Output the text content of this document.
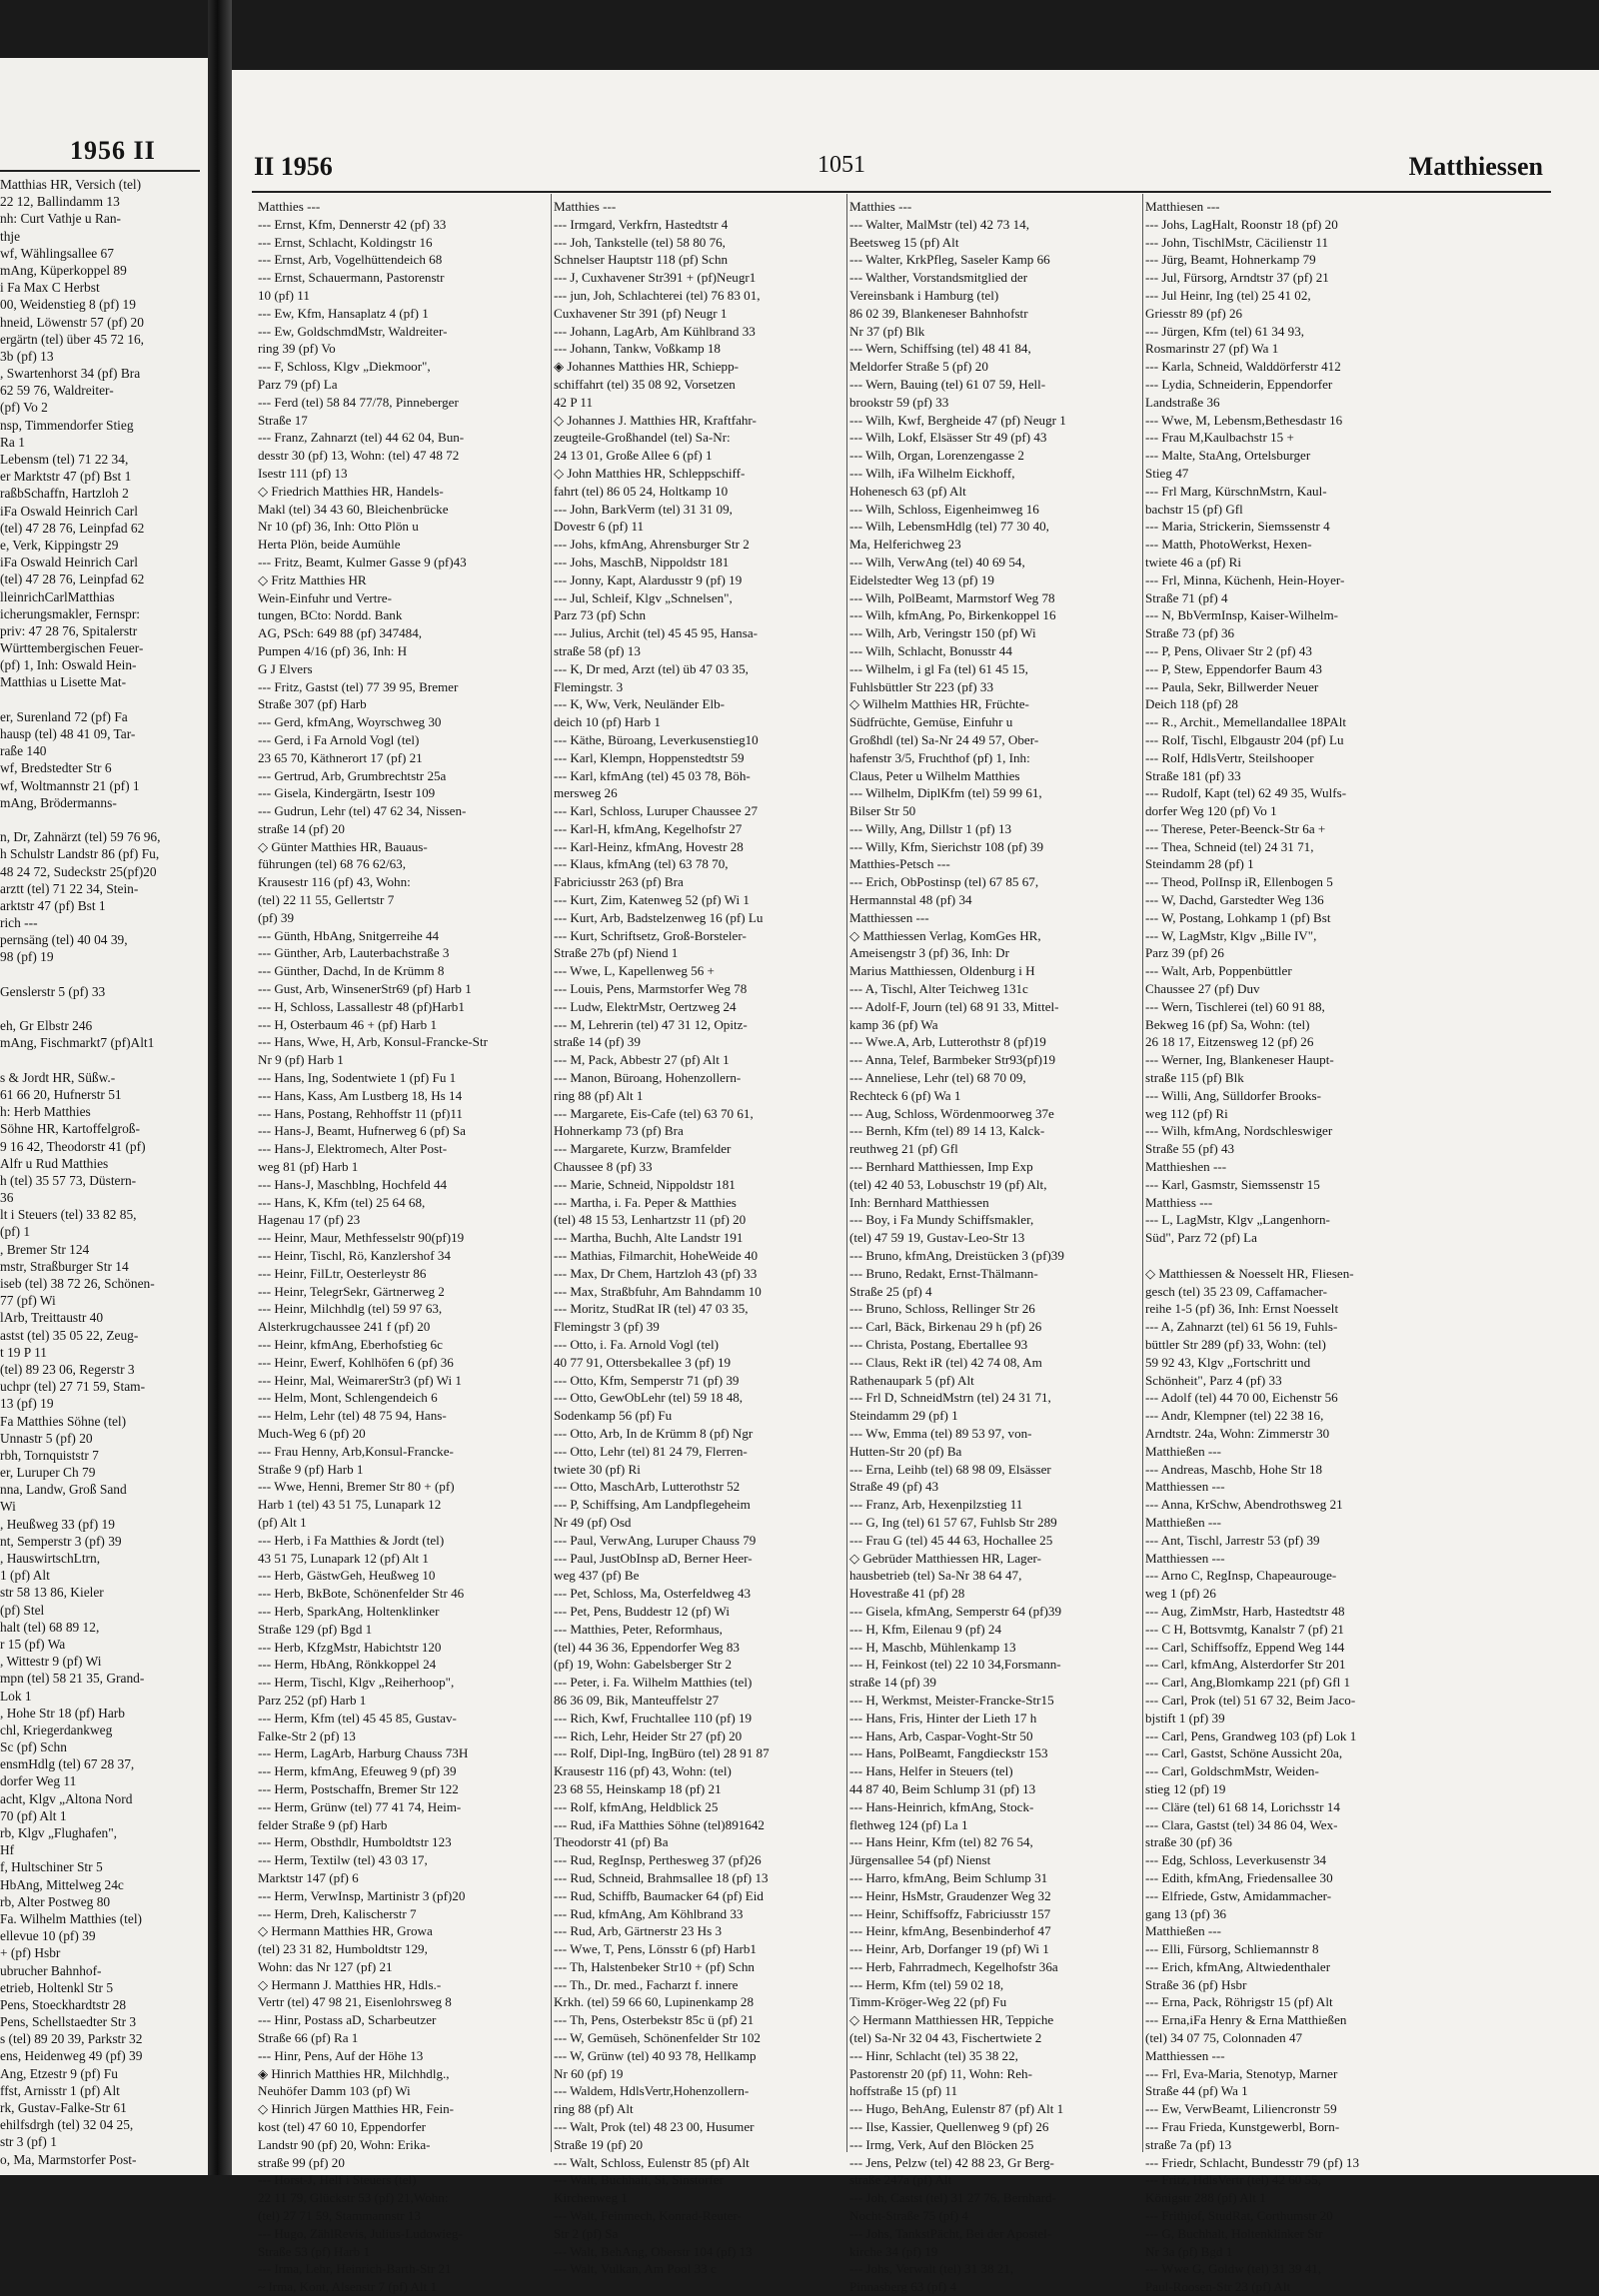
1956 II
Matthias HR, Versich (tel)
22 12, Ballindamm 13
nh: Curt Vathje u Ran-
thje
wf, Wählingsallee 67
mAng, Küperkoppel 89
i Fa Max C Herbst
00, Weidenstieg 8 (pf) 19
hneid, Löwenstr 57 (pf) 20
ergärtn (tel) über 45 72 16,
3b (pf) 13
, Swartenhorst 34 (pf) Bra
62 59 76, Waldreiter-
(pf) Vo 2
nsp, Timmendorfer Stieg
Ra 1
Lebensm (tel) 71 22 34,
er Marktstr 47 (pf) Bst 1
raßbSchaffn, Hartzloh 2
iFa Oswald Heinrich Carl
(tel) 47 28 76, Leinpfad 62
e, Verk, Kippingstr 29
iFa Oswald Heinrich Carl
(tel) 47 28 76, Leinpfad 62
lleinrichCarlMatthias
icherungsmakler, Fernspr:
priv: 47 28 76, Spitalerstr
Württembergischen Feuer-
(pf) 1, Inh: Oswald Hein-
Matthias u Lisette Mat-
er, Surenland 72 (pf) Fa
hausp (tel) 48 41 09, Tar-
raße 140
wf, Bredstedter Str 6
wf, Woltmannstr 21 (pf) 1
mAng, Brödermanns-
n, Dr, Zahnärzt (tel) 59 76 96,
h Schulstr Landstr 86 (pf) Fu,
48 24 72, Sudeckstr 25(pf)20
arztt (tel) 71 22 34, Stein-
arktstr 47 (pf) Bst 1
rich ---
pernsäng (tel) 40 04 39,
98 (pf) 19
Genslerstr 5 (pf) 33
eh, Gr Elbstr 246
mAng, Fischmarkt7 (pf)Alt1
s & Jordt HR, Süßw.-
61 66 20, Hufnerstr 51
h: Herb Matthies
Söhne HR, Kartoffelgroß-
9 16 42, Theodorstr 41 (pf)
Alfr u Rud Matthies
h (tel) 35 57 73, Düstern-
36
lt i Steuers (tel) 33 82 85,
(pf) 1
, Bremer Str 124
mstr, Straßburger Str 14
iseb (tel) 38 72 26, Schönen-
77 (pf) Wi
lArb, Treittaustr 40
astst (tel) 35 05 22, Zeug-
t 19 P 11
(tel) 89 23 06, Regerstr 3
uchpr (tel) 27 71 59, Stam-
13 (pf) 19
Fa Matthies Söhne (tel)
Unnastr 5 (pf) 20
rbh, Tornquiststr 7
er, Luruper Ch 79
nna, Landw, Groß Sand
Wi
, Heußweg 33 (pf) 19
nt, Semperstr 3 (pf) 39
, HauswirtschLtrn,
1 (pf) Alt
str 58 13 86, Kieler
(pf) Stel
halt (tel) 68 89 12,
r 15 (pf) Wa
, Wittestr 9 (pf) Wi
mpn (tel) 58 21 35, Grand-
Lok 1
, Hohe Str 18 (pf) Harb
chl, Kriegerdankweg
Sc (pf) Schn
ensmHdlg (tel) 67 28 37,
dorfer Weg 11
acht, Klgv „Altona Nord
70 (pf) Alt 1
rb, Klgv „Flughafen",
Hf
f, Hultschiner Str 5
HbAng, Mittelweg 24c
rb, Alter Postweg 80
Fa. Wilhelm Matthies (tel)
ellevue 10 (pf) 39
+ (pf) Hsbr
ubrucher Bahnhof-
etrieb, Holtenkl Str 5
Pens, Stoeckhardtstr 28
Pens, Schellstaedter Str 3
s (tel) 89 20 39, Parkstr 32
ens, Heidenweg 49 (pf) 39
Ang, Etzestr 9 (pf) Fu
ffst, Arnisstr 1 (pf) Alt
rk, Gustav-Falke-Str 61
ehilfsdrgh (tel) 32 04 25,
str 3 (pf) 1
o, Ma, Marmstorfer Post-
II 1956	1051	Matthiessen
Matthies ---
--- Ernst, Kfm, Dennerstr 42 (pf) 33
--- Ernst, Schlacht, Koldingstr 16
--- Ernst, Arb, Vogelhüttendeich 68
--- Ernst, Schauermann, Pastorenstr
10 (pf) 11
--- Ew, Kfm, Hansaplatz 4 (pf) 1
--- Ew, GoldschmdMstr, Waldreiter-
ring 39 (pf) Vo
--- F, Schloss, Klgv „Diekmoor",
Parz 79 (pf) La
--- Ferd (tel) 58 84 77/78, Pinneberger
Straße 17
--- Franz, Zahnarzt (tel) 44 62 04, Bun-
desstr 30 (pf) 13, Wohn: (tel) 47 48 72
Isestr 111 (pf) 13
◇ Friedrich Matthies HR, Handels-
Makl (tel) 34 43 60, Bleichenbrücke
Nr 10 (pf) 36, Inh: Otto Plön u
Herta Plön, beide Aumühle
--- Fritz, Beamt, Kulmer Gasse 9 (pf)43
◇ Fritz Matthies HR
Wein-Einfuhr und Vertre-
tungen, BCto: Nordd. Bank
AG, PSch: 649 88 (pf) 347484,
Pumpen 4/16 (pf) 36, Inh: H
G J Elvers
--- Fritz, Gastst (tel) 77 39 95, Bremer
Straße 307 (pf) Harb
--- Gerd, kfmAng, Woyrschweg 30
--- Gerd, i Fa Arnold Vogl (tel)
23 65 70, Käthnerort 17 (pf) 21
--- Gertrud, Arb, Grumbrechtstr 25a
--- Gisela, Kindergärtn, Isestr 109
--- Gudrun, Lehr (tel) 47 62 34, Nissen-
straße 14 (pf) 20
◇ Günter Matthies HR, Bauaus-
führungen (tel) 68 76 62/63,
Krausestr 116 (pf) 43, Wohn:
(tel) 22 11 55, Gellertstr 7
(pf) 39
--- Günth, HbAng, Snitgerreihe 44
--- Günther, Arb, Lauterbachstraße 3
--- Günther, Dachd, In de Krümm 8
--- Gust, Arb, WinsenerStr69 (pf) Harb 1
--- H, Schloss, Lassallestr 48 (pf)Harb1
--- H, Osterbaum 46 + (pf) Harb 1
--- Hans, Wwe, H, Arb, Konsul-Francke-Str
Nr 9 (pf) Harb 1
--- Hans, Ing, Sodentwiete 1 (pf) Fu 1
--- Hans, Kass, Am Lustberg 18, Hs 14
--- Hans, Postang, Rehhoffstr 11 (pf)11
--- Hans-J, Beamt, Hufnerweg 6 (pf) Sa
--- Hans-J, Elektromech, Alter Post-
weg 81 (pf) Harb 1
--- Hans-J, Maschblng, Hochfeld 44
--- Hans, K, Kfm (tel) 25 64 68,
Hagenau 17 (pf) 23
--- Heinr, Maur, Methfesselstr 90(pf)19
--- Heinr, Tischl, Rö, Kanzlershof 34
--- Heinr, FilLtr, Oesterleystr 86
--- Heinr, TelegrSekr, Gärtnerweg 2
--- Heinr, Milchhdlg (tel) 59 97 63,
Alsterkrugchaussee 241 f (pf) 20
--- Heinr, kfmAng, Eberhofstieg 6c
--- Heinr, Ewerf, Kohlhöfen 6 (pf) 36
--- Heinr, Mal, WeimarerStr3 (pf) Wi 1
--- Helm, Mont, Schlengendeich 6
--- Helm, Lehr (tel) 48 75 94, Hans-
Much-Weg 6 (pf) 20
--- Frau Henny, Arb,Konsul-Francke-
Straße 9 (pf) Harb 1
--- Wwe, Henni, Bremer Str 80 + (pf)
Harb 1 (tel) 43 51 75, Lunapark 12
(pf) Alt 1
--- Herb, i Fa Matthies & Jordt (tel)
43 51 75, Lunapark 12 (pf) Alt 1
--- Herb, GästwGeh, Heußweg 10
--- Herb, BkBote, Schönenfelder Str 46
--- Herb, SparkAng, Holtenklinker
Straße 129 (pf) Bgd 1
--- Herb, KfzgMstr, Habichtstr 120
--- Herm, HbAng, Rönkkoppel 24
--- Herm, Tischl, Klgv „Reiherhoop",
Parz 252 (pf) Harb 1
--- Herm, Kfm (tel) 45 45 85, Gustav-
Falke-Str 2 (pf) 13
--- Herm, LagArb, Harburg Chauss 73H
--- Herm, kfmAng, Efeuweg 9 (pf) 39
--- Herm, Postschaffn, Bremer Str 122
--- Herm, Grünw (tel) 77 41 74, Heim-
felder Straße 9 (pf) Harb
--- Herm, Obsthdlr, Humboldtstr 123
--- Herm, Textilw (tel) 43 03 17,
Marktstr 147 (pf) 6
--- Herm, VerwInsp, Martinistr 3 (pf)20
--- Herm, Dreh, Kalischerstr 7
◇ Hermann Matthies HR, Growa
(tel) 23 31 82, Humboldtstr 129,
Wohn: das Nr 127 (pf) 21
◇ Hermann J. Matthies HR, Hdls.-
Vertr (tel) 47 98 21, Eisenlohrsweg 8
--- Hinr, Postass aD, Scharbeutzer
Straße 66 (pf) Ra 1
--- Hinr, Pens, Auf der Höhe 13
◈ Hinrich Matthies HR, Milchhdlg.,
Neuhöfer Damm 103 (pf) Wi
◇ Hinrich Jürgen Matthies HR, Fein-
kost (tel) 47 60 10, Eppendorfer
Landstr 90 (pf) 20, Wohn: Erika-
straße 99 (pf) 20
--- Horst-J, Helf i Steuers (tel)
22 11 79, Glückstr 53 (pf) 21,Wohn:
(tel) 27 71 59, Stammannstr 13
--- Hugo, ZählRevis, Julius-Ludowieg-
Straße 53 (pf) Harb 1
--- Irma, Lehr, Heinrich-Barth-Str 21
~ Irma, Kont, Alsenstr 7 (pf) Alt 1
Matthies ---
--- Irmgard, Verkfrn, Hastedtstr 4
--- Joh, Tankstelle (tel) 58 80 76,
Schnelser Hauptstr 118 (pf) Schn
--- J, Cuxhavener Str391 + (pf)Neugr1
--- jun, Joh, Schlachterei (tel) 76 83 01,
Cuxhavener Str 391 (pf) Neugr 1
--- Johann, LagArb, Am Kühlbrand 33
--- Johann, Tankw, Voßkamp 18
◈ Johannes Matthies HR, Schiepp-
schiffahrt (tel) 35 08 92, Vorsetzen
42 P 11
◇ Johannes J. Matthies HR, Kraftfahr-
zeugteile-Großhandel (tel) Sa-Nr:
24 13 01, Große Allee 6 (pf) 1
◇ John Matthies HR, Schleppschiff-
fahrt (tel) 86 05 24, Holtkamp 10
--- John, BarkVerm (tel) 31 31 09,
Dovestr 6 (pf) 11
--- Johs, kfmAng, Ahrensburger Str 2
--- Johs, MaschB, Nippoldstr 181
--- Jonny, Kapt, Alardusstr 9 (pf) 19
--- Jul, Schleif, Klgv „Schnelsen",
Parz 73 (pf) Schn
--- Julius, Archit (tel) 45 45 95, Hansa-
straße 58 (pf) 13
--- K, Dr med, Arzt (tel) üb 47 03 35,
Flemingstr. 3
--- K, Ww, Verk, Neuländer Elb-
deich 10 (pf) Harb 1
--- Käthe, Büroang, Leverkusenstieg10
--- Karl, Klempn, Hoppenstedtstr 59
--- Karl, kfmAng (tel) 45 03 78, Böh-
mersweg 26
--- Karl, Schloss, Luruper Chaussee 27
--- Karl-H, kfmAng, Kegelhofstr 27
--- Karl-Heinz, kfmAng, Hovestr 28
--- Klaus, kfmAng (tel) 63 78 70,
Fabriciusstr 263 (pf) Bra
--- Kurt, Zim, Katenweg 52 (pf) Wi 1
--- Kurt, Arb, Badstelzenweg 16 (pf) Lu
--- Kurt, Schriftsetz, Groß-Borsteler-
Straße 27b (pf) Niend 1
--- Wwe, L, Kapellenweg 56 +
--- Louis, Pens, Marmstorfer Weg 78
--- Ludw, ElektrMstr, Oertzweg 24
--- M, Lehrerin (tel) 47 31 12, Opitz-
straße 14 (pf) 39
--- M, Pack, Abbestr 27 (pf) Alt 1
--- Manon, Büroang, Hohenzollern-
ring 88 (pf) Alt 1
--- Margarete, Eis-Cafe (tel) 63 70 61,
Hohnerkamp 73 (pf) Bra
--- Margarete, Kurzw, Bramfelder
Chaussee 8 (pf) 33
--- Marie, Schneid, Nippoldstr 181
--- Martha, i. Fa. Peper & Matthies
(tel) 48 15 53, Lenhartzstr 11 (pf) 20
--- Martha, Buchh, Alte Landstr 191
--- Mathias, Filmarchit, HoheWeide 40
--- Max, Dr Chem, Hartzloh 43 (pf) 33
--- Max, Straßbfuhr, Am Bahndamm 10
--- Moritz, StudRat IR (tel) 47 03 35,
Flemingstr 3 (pf) 39
--- Otto, i. Fa. Arnold Vogl (tel)
40 77 91, Ottersbekallee 3 (pf) 19
--- Otto, Kfm, Semperstr 71 (pf) 39
--- Otto, GewObLehr (tel) 59 18 48,
Sodenkamp 56 (pf) Fu
--- Otto, Arb, In de Krümm 8 (pf) Ngr
--- Otto, Lehr (tel) 81 24 79, Flerren-
twiete 30 (pf) Ri
--- Otto, MaschArb, Lutterothstr 52
--- P, Schiffsing, Am Landpflegeheim
Nr 49 (pf) Osd
--- Paul, VerwAng, Luruper Chauss 79
--- Paul, JustObInsp aD, Berner Heer-
weg 437 (pf) Be
--- Pet, Schloss, Ma, Osterfeldweg 43
--- Pet, Pens, Buddestr 12 (pf) Wi
--- Matthies, Peter, Reformhaus,
(tel) 44 36 36, Eppendorfer Weg 83
(pf) 19, Wohn: Gabelsberger Str 2
--- Peter, i. Fa. Wilhelm Matthies (tel)
86 36 09, Bik, Manteuffelstr 27
--- Rich, Kwf, Fruchtallee 110 (pf) 19
--- Rich, Lehr, Heider Str 27 (pf) 20
--- Rolf, Dipl-Ing, IngBüro (tel) 28 91 87
Krausestr 116 (pf) 43, Wohn: (tel)
23 68 55, Heinskamp 18 (pf) 21
--- Rolf, kfmAng, Heldblick 25
--- Rud, iFa Matthies Söhne (tel)891642
Theodorstr 41 (pf) Ba
--- Rud, RegInsp, Perthesweg 37 (pf)26
--- Rud, Schneid, Brahmsallee 18 (pf) 13
--- Rud, Schiffb, Baumacker 64 (pf) Eid
--- Rud, kfmAng, Am Köhlbrand 33
--- Rud, Arb, Gärtnerstr 23 Hs 3
--- Wwe, T, Pens, Lönsstr 6 (pf) Harb1
--- Th, Halstenbeker Str10 + (pf) Schn
--- Th., Dr. med., Facharzt f. innere
Krkh. (tel) 59 66 60, Lupinenkamp 28
--- Th, Pens, Osterbekstr 85c ü (pf) 21
--- W, Gemüseh, Schönenfelder Str 102
--- W, Grünw (tel) 40 93 78, Hellkamp
Nr 60 (pf) 19
--- Waldem, HdlsVertr,Hohenzollern-
ring 88 (pf) Alt
--- Walt, Prok (tel) 48 23 00, Husumer
Straße 19 (pf) 20
--- Walt, Schloss, Eulenstr 85 (pf) Alt
--- Walt, Buchhalt, Si, Sinstorfer
Kirchenweg 1
--- Walt, Feinmech, Konrad-Reuter-
Str 2 (pf) Sa
--- Walt, BehAng, Oberstr 104 (pf) 13
--- Walt, Vulkan, Am Pool 33 c
Matthies ---
--- Walter, MalMstr (tel) 42 73 14,
Beetsweg 15 (pf) Alt
--- Walter, KrkPfleg, Saseler Kamp 66
--- Walther, Vorstandsmitglied der
Vereinsbank i Hamburg (tel)
86 02 39, Blankeneser Bahnhofstr
Nr 37 (pf) Blk
--- Wern, Schiffsing (tel) 48 41 84,
Meldorfer Straße 5 (pf) 20
--- Wern, Bauing (tel) 61 07 59, Hell-
brookstr 59 (pf) 33
--- Wilh, Kwf, Bergheide 47 (pf) Neugr 1
--- Wilh, Lokf, Elsässer Str 49 (pf) 43
--- Wilh, Organ, Lorenzengasse 2
--- Wilh, iFa Wilhelm Eickhoff,
Hohenesch 63 (pf) Alt
--- Wilh, Schloss, Eigenheimweg 16
--- Wilh, LebensmHdlg (tel) 77 30 40,
Ma, Helferichweg 23
--- Wilh, VerwAng (tel) 40 69 54,
Eidelstedter Weg 13 (pf) 19
--- Wilh, PolBeamt, Marmstorf Weg 78
--- Wilh, kfmAng, Po, Birkenkoppel 16
--- Wilh, Arb, Veringstr 150 (pf) Wi
--- Wilh, Schlacht, Bonusstr 44
--- Wilhelm, i gl Fa (tel) 61 45 15,
Fuhlsbüttler Str 223 (pf) 33
◇ Wilhelm Matthies HR, Früchte-
Südfrüchte, Gemüse, Einfuhr u
Großhdl (tel) Sa-Nr 24 49 57, Ober-
hafenstr 3/5, Fruchthof (pf) 1, Inh:
Claus, Peter u Wilhelm Matthies
--- Wilhelm, DiplKfm (tel) 59 99 61,
Bilser Str 50
--- Willy, Ang, Dillstr 1 (pf) 13
--- Willy, Kfm, Sierichstr 108 (pf) 39
Matthies-Petsch ---
--- Erich, ObPostinsp (tel) 67 85 67,
Hermannstal 48 (pf) 34
Matthiessen ---
◇ Matthiessen Verlag, KomGes HR,
Ameisengstr 3 (pf) 36, Inh: Dr
Marius Matthiessen, Oldenburg i H
--- A, Tischl, Alter Teichweg 131c
--- Adolf-F, Journ (tel) 68 91 33, Mittel-
kamp 36 (pf) Wa
--- Wwe.A, Arb, Lutterothstr 8 (pf)19
--- Anna, Telef, Barmbeker Str93(pf)19
--- Anneliese, Lehr (tel) 68 70 09,
Rechteck 6 (pf) Wa 1
--- Aug, Schloss, Wördenmoorweg 37e
--- Bernh, Kfm (tel) 89 14 13, Kalck-
reuthweg 21 (pf) Gfl
--- Bernhard Matthiessen, Imp Exp
(tel) 42 40 53, Lobuschstr 19 (pf) Alt,
Inh: Bernhard Matthiessen
--- Boy, i Fa Mundy Schiffsmakler,
(tel) 47 59 19, Gustav-Leo-Str 13
--- Bruno, kfmAng, Dreistücken 3 (pf)39
--- Bruno, Redakt, Ernst-Thälmann-
Straße 25 (pf) 4
--- Bruno, Schloss, Rellinger Str 26
--- Carl, Bäck, Birkenau 29 h (pf) 26
--- Christa, Postang, Ebertallee 93
--- Claus, Rekt iR (tel) 42 74 08, Am
Rathenaupark 5 (pf) Alt
--- Frl D, SchneidMstrn (tel) 24 31 71,
Steindamm 29 (pf) 1
--- Ww, Emma (tel) 89 53 97, von-
Hutten-Str 20 (pf) Ba
--- Erna, Leihb (tel) 68 98 09, Elsässer
Straße 49 (pf) 43
--- Franz, Arb, Hexenpilzstieg 11
--- G, Ing (tel) 61 57 67, Fuhlsb Str 289
--- Frau G (tel) 45 44 63, Hochallee 25
◇ Gebrüder Matthiessen HR, Lager-
hausbetrieb (tel) Sa-Nr 38 64 47,
Hovestraße 41 (pf) 28
--- Gisela, kfmAng, Semperstr 64 (pf)39
--- H, Kfm, Eilenau 9 (pf) 24
--- H, Maschb, Mühlenkamp 13
--- H, Feinkost (tel) 22 10 34,Forsmann-
straße 14 (pf) 39
--- H, Werkmst, Meister-Francke-Str15
--- Hans, Fris, Hinter der Lieth 17 h
--- Hans, Arb, Caspar-Voght-Str 50
--- Hans, PolBeamt, Fangdieckstr 153
--- Hans, Helfer in Steuers (tel)
44 87 40, Beim Schlump 31 (pf) 13
--- Hans-Heinrich, kfmAng, Stock-
flethweg 124 (pf) La 1
--- Hans Heinr, Kfm (tel) 82 76 54,
Jürgensallee 54 (pf) Nienst
--- Harro, kfmAng, Beim Schlump 31
--- Heinr, HsMstr, Graudenzer Weg 32
--- Heinr, Schiffsoffz, Fabriciusstr 157
--- Heinr, kfmAng, Besenbinderhof 47
--- Heinr, Arb, Dorfanger 19 (pf) Wi 1
--- Herb, Fahrradmech, Kegelhofstr 36a
--- Herm, Kfm (tel) 59 02 18,
Timm-Kröger-Weg 22 (pf) Fu
◇ Hermann Matthiessen HR, Teppiche
(tel) Sa-Nr 32 04 43, Fischertwiete 2
--- Hinr, Schlacht (tel) 35 38 22,
Pastorenstr 20 (pf) 11, Wohn: Reh-
hoffstraße 15 (pf) 11
--- Hugo, BehAng, Eulenstr 87 (pf) Alt 1
--- Ilse, Kassier, Quellenweg 9 (pf) 26
--- Irmg, Verk, Auf den Blöcken 25
--- Jens, Pelzw (tel) 42 88 23, Gr Berg-
straße 247a (pf) Alt
--- Joh, Castst (tel) 31 27 76, Bernhard-
Nocht-Straße 75 (pf) 4
--- Johs, TankstPächt, Bei der Apostel-
kirche 34 (pf) 19
--- Johs, Verwalt (tel) 31 38 21,
Pinnasberg 63 (pf) 4
Matthiesen ---
--- Johs, LagHalt, Roonstr 18 (pf) 20
--- John, TischlMstr, Cäcilienstr 11
--- Jürg, Beamt, Hohnerkamp 79
--- Jul, Fürsorg, Arndtstr 37 (pf) 21
--- Jul Heinr, Ing (tel) 25 41 02,
Griesstr 89 (pf) 26
--- Jürgen, Kfm (tel) 61 34 93,
Rosmarinstr 27 (pf) Wa 1
--- Karla, Schneid, Walddörferstr 412
--- Lydia, Schneiderin, Eppendorfer
Landstraße 36
--- Wwe, M, Lebensm,Bethesdastr 16
--- Frau M,Kaulbachstr 15 +
--- Malte, StaAng, Ortelsburger
Stieg 47
--- Frl Marg, KürschnMstrn, Kaul-
bachstr 15 (pf) Gfl
--- Maria, Strickerin, Siemssenstr 4
--- Matth, PhotoWerkst, Hexen-
twiete 46 a (pf) Ri
--- Frl, Minna, Küchenh, Hein-Hoyer-
Straße 71 (pf) 4
--- N, BbVermInsp, Kaiser-Wilhelm-
Straße 73 (pf) 36
--- P, Pens, Olivaer Str 2 (pf) 43
--- P, Stew, Eppendorfer Baum 43
--- Paula, Sekr, Billwerder Neuer
Deich 118 (pf) 28
--- R., Archit., Memellandallee 18PAlt
--- Rolf, Tischl, Elbgaustr 204 (pf) Lu
--- Rolf, HdlsVertr, Steilshooper
Straße 181 (pf) 33
--- Rudolf, Kapt (tel) 62 49 35, Wulfs-
dorfer Weg 120 (pf) Vo 1
--- Therese, Peter-Beenck-Str 6a +
--- Thea, Schneid (tel) 24 31 71,
Steindamm 28 (pf) 1
--- Theod, PolInsp iR, Ellenbogen 5
--- W, Dachd, Garstedter Weg 136
--- W, Postang, Lohkamp 1 (pf) Bst
--- W, LagMstr, Klgv „Bille IV",
Parz 39 (pf) 26
--- Walt, Arb, Poppenbüttler
Chaussee 27 (pf) Duv
--- Wern, Tischlerei (tel) 60 91 88,
Bekweg 16 (pf) Sa, Wohn: (tel)
26 18 17, Eitzensweg 12 (pf) 26
--- Werner, Ing, Blankeneser Haupt-
straße 115 (pf) Blk
--- Willi, Ang, Sülldorfer Brooks-
weg 112 (pf) Ri
--- Wilh, kfmAng, Nordschleswiger
Straße 55 (pf) 43
Matthieshen ---
--- Karl, Gasmstr, Siemssenstr 15
Matthiess ---
--- L, LagMstr, Klgv „Langenhorn-
Süd", Parz 72 (pf) La
◇ Matthiessen & Noesselt HR, Fliesen-
gesch (tel) 35 23 09, Caffamacher-
reihe 1-5 (pf) 36, Inh: Ernst Noesselt
--- A, Zahnarzt (tel) 61 56 19, Fuhls-
büttler Str 289 (pf) 33, Wohn: (tel)
59 92 43, Klgv „Fortschritt und
Schönheit", Parz 4 (pf) 33
--- Adolf (tel) 44 70 00, Eichenstr 56
--- Andr, Klempner (tel) 22 38 16,
Arndtstr. 24a, Wohn: Zimmerstr 30
Matthießen ---
--- Andreas, Maschb, Hohe Str 18
Matthiessen ---
--- Anna, KrSchw, Abendrothsweg 21
Matthießen ---
--- Ant, Tischl, Jarrestr 53 (pf) 39
Matthiessen ---
--- Arno C, RegInsp, Chapeaurouge-
weg 1 (pf) 26
--- Aug, ZimMstr, Harb, Hastedtstr 48
--- C H, Bottsvmtg, Kanalstr 7 (pf) 21
--- Carl, Schiffsoffz, Eppend Weg 144
--- Carl, kfmAng, Alsterdorfer Str 201
--- Carl, Ang,Blomkamp 221 (pf) Gfl 1
--- Carl, Prok (tel) 51 67 32, Beim Jaco-
bjstift 1 (pf) 39
--- Carl, Pens, Grandweg 103 (pf) Lok 1
--- Carl, Gastst, Schöne Aussicht 20a,
--- Carl, GoldschmMstr, Weiden-
stieg 12 (pf) 19
--- Cläre (tel) 61 68 14, Lorichsstr 14
--- Clara, Gastst (tel) 34 86 04, Wex-
straße 30 (pf) 36
--- Edg, Schloss, Leverkusenstr 34
--- Edith, kfmAng, Friedensallee 30
--- Elfriede, Gstw, Amidammacher-
gang 13 (pf) 36
Matthießen ---
--- Elli, Fürsorg, Schliemannstr 8
--- Erich, kfmAng, Altwiedenthaler
Straße 36 (pf) Hsbr
--- Erna, Pack, Röhrigstr 15 (pf) Alt
--- Erna,iFa Henry & Erna Matthießen
(tel) 34 07 75, Colonnaden 47
Matthiessen ---
--- Frl, Eva-Maria, Stenotyp, Marner
Straße 44 (pf) Wa 1
--- Ew, VerwBeamt, Liliencronstr 59
--- Frau Frieda, Kunstgewerbl, Born-
straße 7a (pf) 13
--- Friedr, Schlacht, Bundesstr 79 (pf) 13
--- Fritz, HdlsVertr (tel) 42 60 55,
Königstr 288 (pf) Alt 1
--- Frithjof, StudRat, Corthumstr 20
--- G, Buchhalt, Holtenklinker Str
Nr 3a (pf) Bgd 1
--- Wwe G, Goldw (tel) 31 39 41,
Paul-Roosen-Str 23 (pf) Alt
